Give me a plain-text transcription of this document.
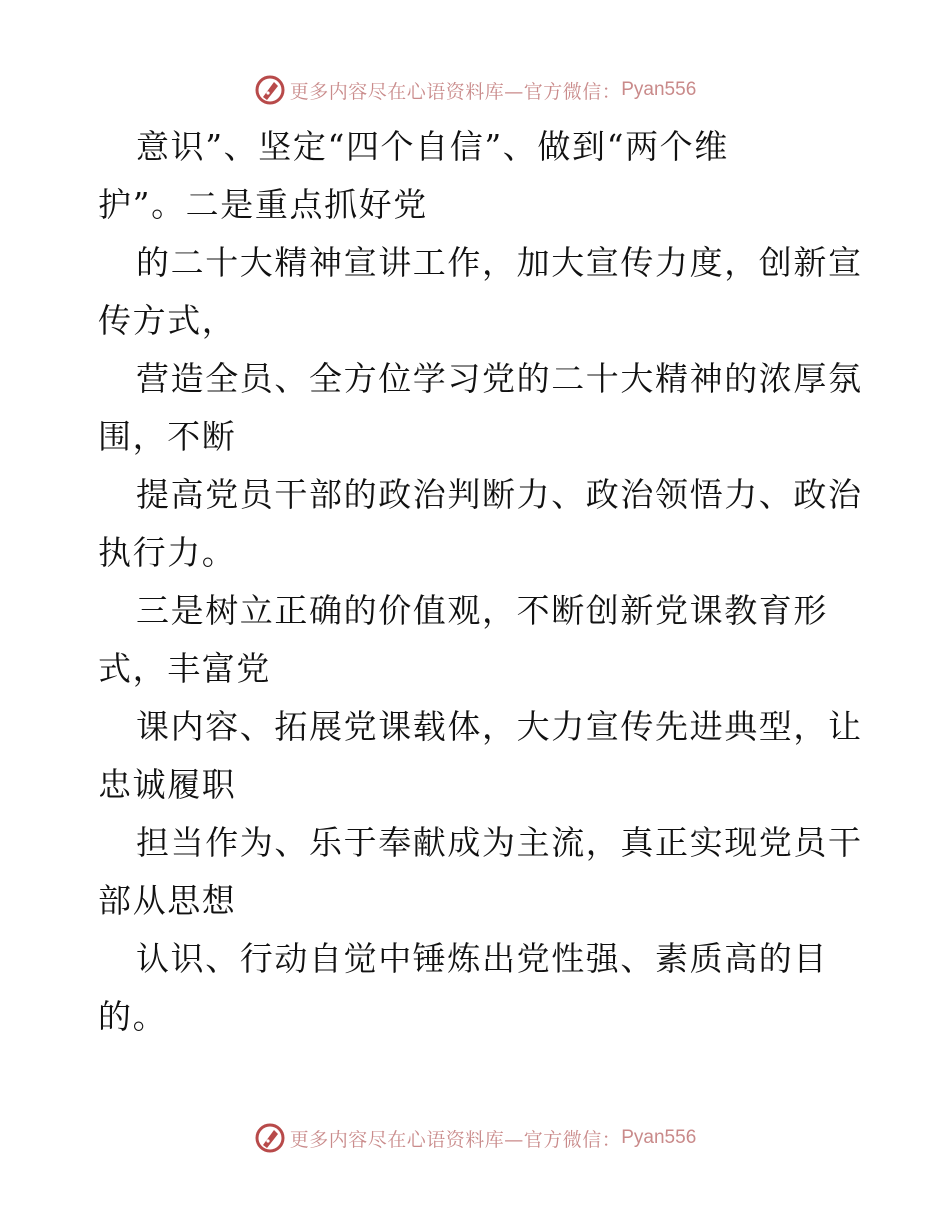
更多内容尽在心语资料库—官方微信： Pyan556
意识”、坚定“四个自信”、做到“两个维
护”。二是重点抓好党
的二十大精神宣讲工作，加大宣传力度，创新宣
传方式，
营造全员、全方位学习党的二十大精神的浓厚氛
围，不断
提高党员干部的政治判断力、政治领悟力、政治
执行力。
三是树立正确的价值观，不断创新党课教育形
式，丰富党
课内容、拓展党课载体，大力宣传先进典型，让
忠诚履职
担当作为、乐于奉献成为主流，真正实现党员干
部从思想
认识、行动自觉中锤炼出党性强、素质高的目
的。
更多内容尽在心语资料库—官方微信： Pyan556
